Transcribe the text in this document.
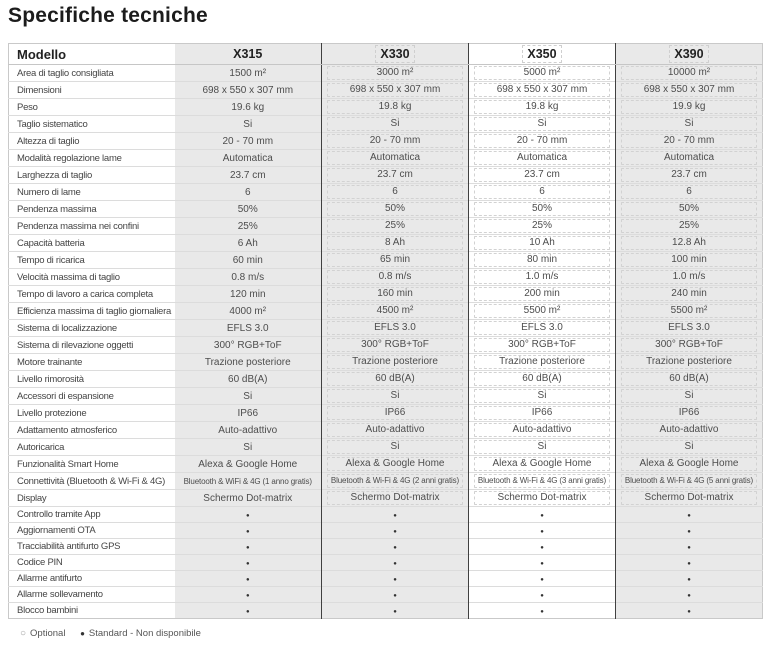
Specifiche tecniche
Modello	X315	X330	X350	X390
Area di taglio consigliata	1500 m²	3000 m²	5000 m²	10000 m²

Dimensioni	698 x 550 x 307 mm	698 x 550 x 307 mm	698 x 550 x 307 mm	698 x 550 x 307 mm

Peso	19.6 kg	19.8 kg	19.8 kg	19.9 kg

Taglio sistematico	Si	Si	Si	Si

Altezza di taglio	20 - 70 mm	20 - 70 mm	20 - 70 mm	20 - 70 mm

Modalità regolazione lame	Automatica	Automatica	Automatica	Automatica

Larghezza di taglio	23.7 cm	23.7 cm	23.7 cm	23.7 cm

Numero di lame	6	6	6	6

Pendenza massima	50%	50%	50%	50%

Pendenza massima nei confini	25%	25%	25%	25%

Capacità batteria	6 Ah	8 Ah	10 Ah	12.8 Ah

Tempo di ricarica	60 min	65 min	80 min	100 min

Velocità massima di taglio	0.8 m/s	0.8 m/s	1.0 m/s	1.0 m/s

Tempo di lavoro a carica completa	120 min	160 min	200 min	240 min

Efficienza massima di taglio giornaliera	4000 m²	4500 m²	5500 m²	5500 m²

Sistema di localizzazione	EFLS 3.0	EFLS 3.0	EFLS 3.0	EFLS 3.0

Sistema di rilevazione oggetti	300° RGB+ToF	300° RGB+ToF	300° RGB+ToF	300° RGB+ToF

Motore trainante	Trazione posteriore	Trazione posteriore	Trazione posteriore	Trazione posteriore

Livello rimorosità	60 dB(A)	60 dB(A)	60 dB(A)	60 dB(A)

Accessori di espansione	Si	Si	Si	Si

Livello protezione	IP66	IP66	IP66	IP66

Adattamento atmosferico	Auto-adattivo	Auto-adattivo	Auto-adattivo	Auto-adattivo

Autoricarica	Si	Si	Si	Si

Funzionalità Smart Home	Alexa & Google Home	Alexa & Google Home	Alexa & Google Home	Alexa & Google Home

Connettività (Bluetooth & Wi-Fi & 4G)	Bluetooth & WiFi & 4G (1 anno gratis)	Bluetooth & Wi-Fi & 4G (2 anni gratis)	Bluetooth & Wi-Fi & 4G (3 anni gratis)	Bluetooth & Wi-Fi & 4G (5 anni gratis)

Display	Schermo Dot-matrix	Schermo Dot-matrix	Schermo Dot-matrix	Schermo Dot-matrix

Controllo tramite App	●	●	●	●
Aggiornamenti OTA	●	●	●	●
Tracciabilità antifurto GPS	●	●	●	●
Codice PIN	●	●	●	●
Allarme antifurto	●	●	●	●
Allarme sollevamento	●	●	●	●
Blocco bambini	●	●	●	●
○ Optional ● Standard - Non disponibile
